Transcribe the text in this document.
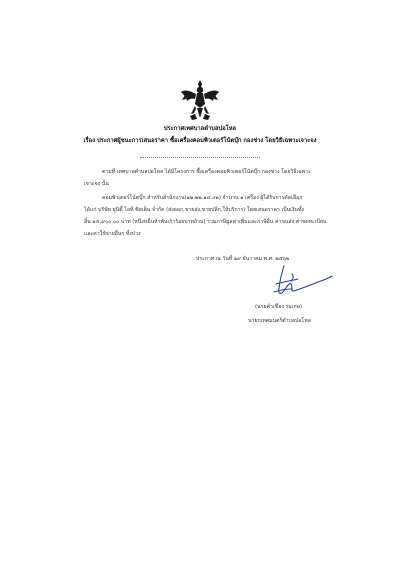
ประกาศเทศบาลตำบลปอโหล

เรื่อง ประกาศผู้ชนะการเสนอราคา ซื้อเครื่องคอมพิวเตอร์โน้ตบุ๊ก กองช่าง โดยวิธีเฉพาะเจาะจง

ตามที่ เทศบาลตำบลปอโหล ได้มีโครงการ ซื้อเครื่องคอมพิวเตอร์โน้ตบุ๊ก กองช่าง โดยวิธีเฉพาะ

เจาะจง นั้น

คอมพิวเตอร์โน้ตบุ๊ก สำหรับสำนักงาน(๑๒.๒๒.๑๔.๐๒) จำนวน ๑ เครื่อง ผู้ได้รับการคัดเลือก

ได้แก่ บริษัท ยูนิตี้ ไอที ซิสเต็ม จำกัด (ส่งออก,ขายส่ง,ขายปลีก,ให้บริการ) โดยเสนอราคา เป็นเงินทั้ง

สิ้น ๑๕,๙๐๐.๐๐ บาท (หนึ่งหมื่นห้าพันเก้าร้อยบาทถ้วน) รวมภาษีมูลค่าเพิ่มและภาษีอื่น ค่าขนส่ง ค่าจดทะเบียน

และค่าใช้จ่ายอื่นๆ ทั้งปวง

ประกาศ ณ วันที่ ๑๙ ธันวาคม พ.ศ. ๒๕๖๒

(นายคำเชื่อง ร่มเกษ)

นายกเทศมนตรีตำบลปอโหล
